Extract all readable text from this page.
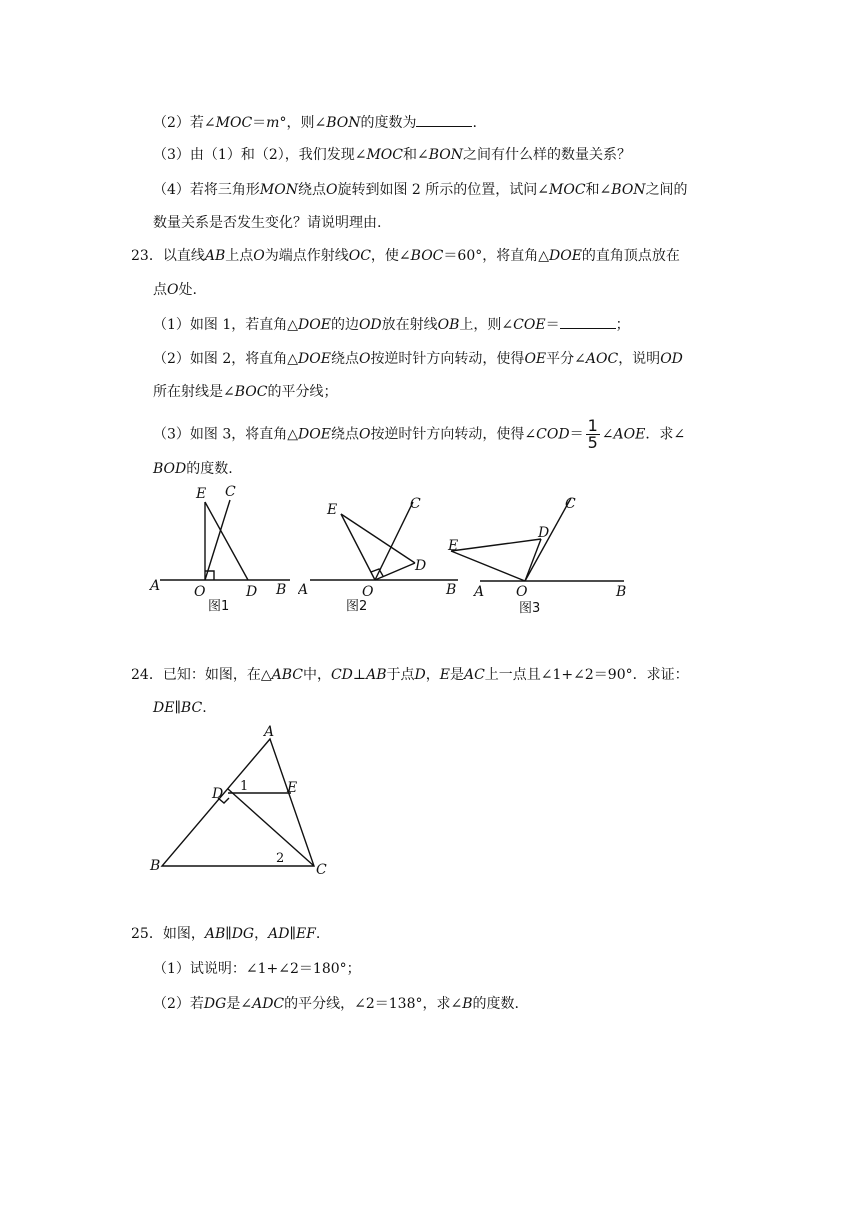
（2）若∠MOC＝m°，则∠BON的度数为	.
（3）由（1）和（2），我们发现∠MOC和∠BON之间有什么样的数量关系？
（4）若将三角形MON绕点O旋转到如图 2 所示的位置，试问∠MOC和∠BON之间的
数量关系是否发生变化？请说明理由.
23．以直线AB上点O为端点作射线OC，使∠BOC＝60°，将直角△DOE的直角顶点放在
点O处.
（1）如图 1，若直角△DOE的边OD放在射线OB上，则∠COE＝	；
（2）如图 2，将直角△DOE绕点O按逆时针方向转动，使得OE平分∠AOC，说明OD
所在射线是∠BOC的平分线；
（3）如图 3，将直角△DOE绕点O按逆时针方向转动，使得∠COD＝ $\frac{1}{5}$ ∠AOE．求∠
BOD的度数.
E C
A O	D B
图1
E	C
D
A	O	B
图2
C
D
E
A O	B
图3
24．已知：如图，在△ABC中，CD⊥AB于点D，E是AC上一点且∠1+∠2＝90°．求证：
DE∥BC.
A
D 1	E
B	2
C
25．如图，AB∥DG，AD∥EF.
（1）试说明：∠1+∠2＝180°；
（2）若DG是∠ADC的平分线，∠2＝138°，求∠B的度数.
